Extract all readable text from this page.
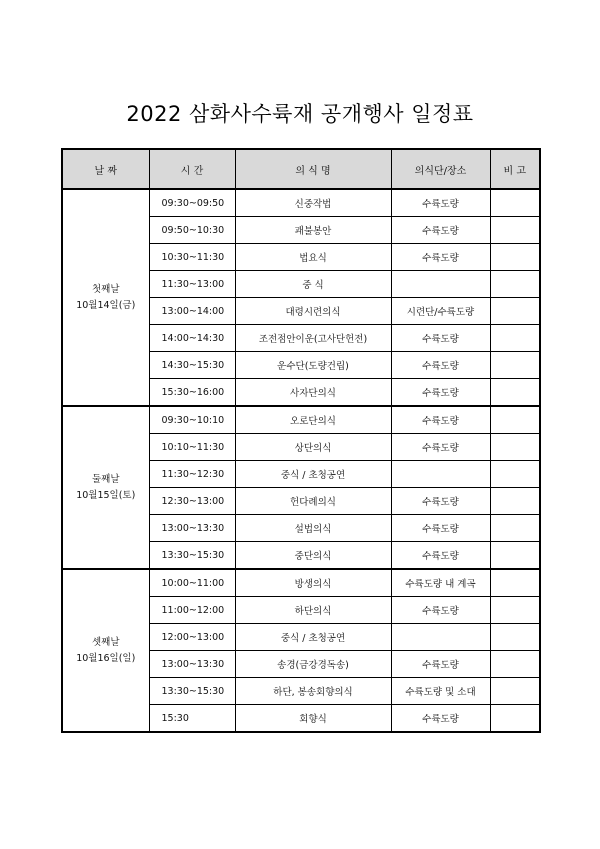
2022 삼화사수륙재 공개행사 일정표
날 짜	시 간	의 식 명	의식단/장소	비 고

첫째날
10월14일(금)	09:30~09:50	신중작법	수륙도량	
	09:50~10:30	괘불봉안	수륙도량	
	10:30~11:30	법요식	수륙도량	
	11:30~13:00	중 식		
	13:00~14:00	대령시련의식	시련단/수륙도량	
	14:00~14:30	조전점안이운(고사단헌전)	수륙도량	
	14:30~15:30	운수단(도량건립)	수륙도량	
	15:30~16:00	사자단의식	수륙도량	

둘째날
10월15일(토)	09:30~10:10	오로단의식	수륙도량	
	10:10~11:30	상단의식	수륙도량	
	11:30~12:30	중식 / 초청공연		
	12:30~13:00	헌다례의식	수륙도량	
	13:00~13:30	설법의식	수륙도량	
	13:30~15:30	중단의식	수륙도량	

셋째날
10월16일(일)	10:00~11:00	방생의식	수륙도량 내 계곡	
	11:00~12:00	하단의식	수륙도량	
	12:00~13:00	중식 / 초청공연		
	13:00~13:30	송경(금강경독송)	수륙도량	
	13:30~15:30	하단, 봉송회향의식	수륙도량 및 소대	
	15:30	회향식	수륙도량	
